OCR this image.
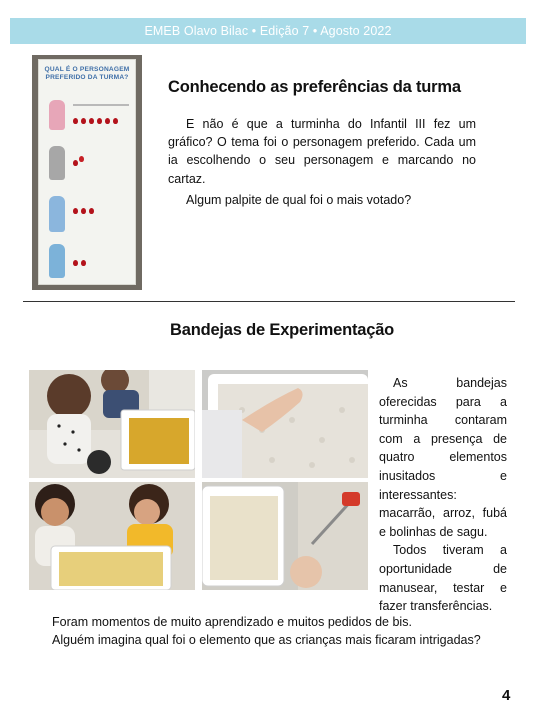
EMEB Olavo Bilac • Edição 7 • Agosto 2022
QUAL É O PERSONAGEM PREFERIDO DA TURMA?
Conhecendo as preferências da turma
E não é que a turminha do Infantil III fez um gráfico? O tema foi o personagem preferido. Cada um ia escolhendo o seu personagem e marcando no cartaz.
Algum palpite de qual foi o mais votado?
Bandejas de Experimentação

As bandejas oferecidas para a turminha contaram com a presença de quatro elementos inusitados e interessantes: macarrão, arroz, fubá e bolinhas de sagu.

Todos tiveram a oportunidade de manusear, testar e fazer transferências.

Foram momentos de muito aprendizado e muitos pedidos de bis.

Alguém imagina qual foi o elemento que as crianças mais ficaram intrigadas?

4
